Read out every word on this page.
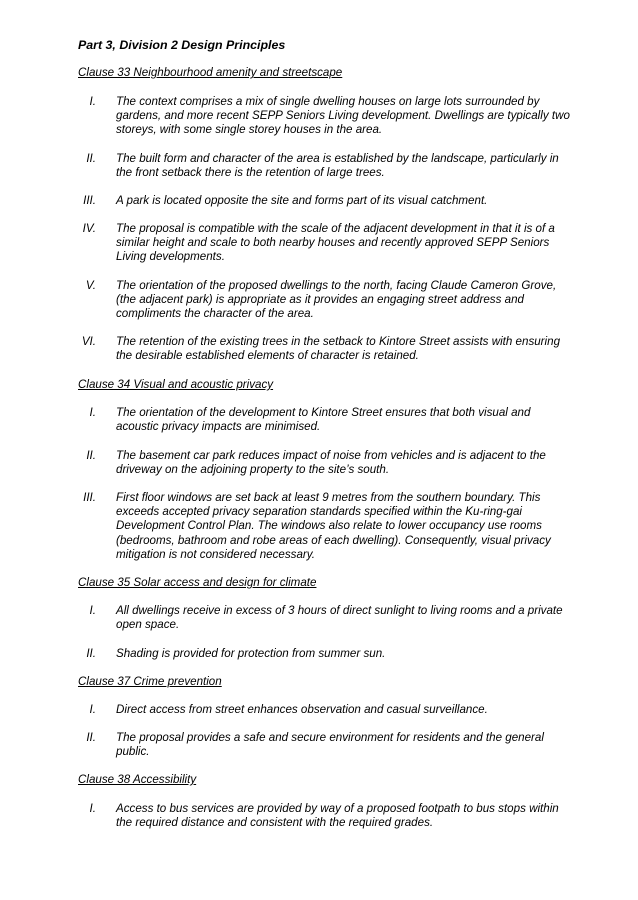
Part 3, Division 2 Design Principles
Clause 33 Neighbourhood amenity and streetscape
I. The context comprises a mix of single dwelling houses on large lots surrounded by
gardens, and more recent SEPP Seniors Living development. Dwellings are typically two
storeys, with some single storey houses in the area.
II. The built form and character of the area is established by the landscape, particularly in
the front setback there is the retention of large trees.
III. A park is located opposite the site and forms part of its visual catchment.
IV. The proposal is compatible with the scale of the adjacent development in that it is of a
similar height and scale to both nearby houses and recently approved SEPP Seniors
Living developments.
V. The orientation of the proposed dwellings to the north, facing Claude Cameron Grove,
(the adjacent park) is appropriate as it provides an engaging street address and
compliments the character of the area.
VI. The retention of the existing trees in the setback to Kintore Street assists with ensuring
the desirable established elements of character is retained.
Clause 34 Visual and acoustic privacy
I. The orientation of the development to Kintore Street ensures that both visual and
acoustic privacy impacts are minimised.
II. The basement car park reduces impact of noise from vehicles and is adjacent to the
driveway on the adjoining property to the site’s south.
III. First floor windows are set back at least 9 metres from the southern boundary. This
exceeds accepted privacy separation standards specified within the Ku-ring-gai
Development Control Plan. The windows also relate to lower occupancy use rooms
(bedrooms, bathroom and robe areas of each dwelling). Consequently, visual privacy
mitigation is not considered necessary.
Clause 35 Solar access and design for climate
I. All dwellings receive in excess of 3 hours of direct sunlight to living rooms and a private
open space.
II. Shading is provided for protection from summer sun.
Clause 37 Crime prevention
I. Direct access from street enhances observation and casual surveillance.
II. The proposal provides a safe and secure environment for residents and the general
public.
Clause 38 Accessibility
I. Access to bus services are provided by way of a proposed footpath to bus stops within
the required distance and consistent with the required grades.
